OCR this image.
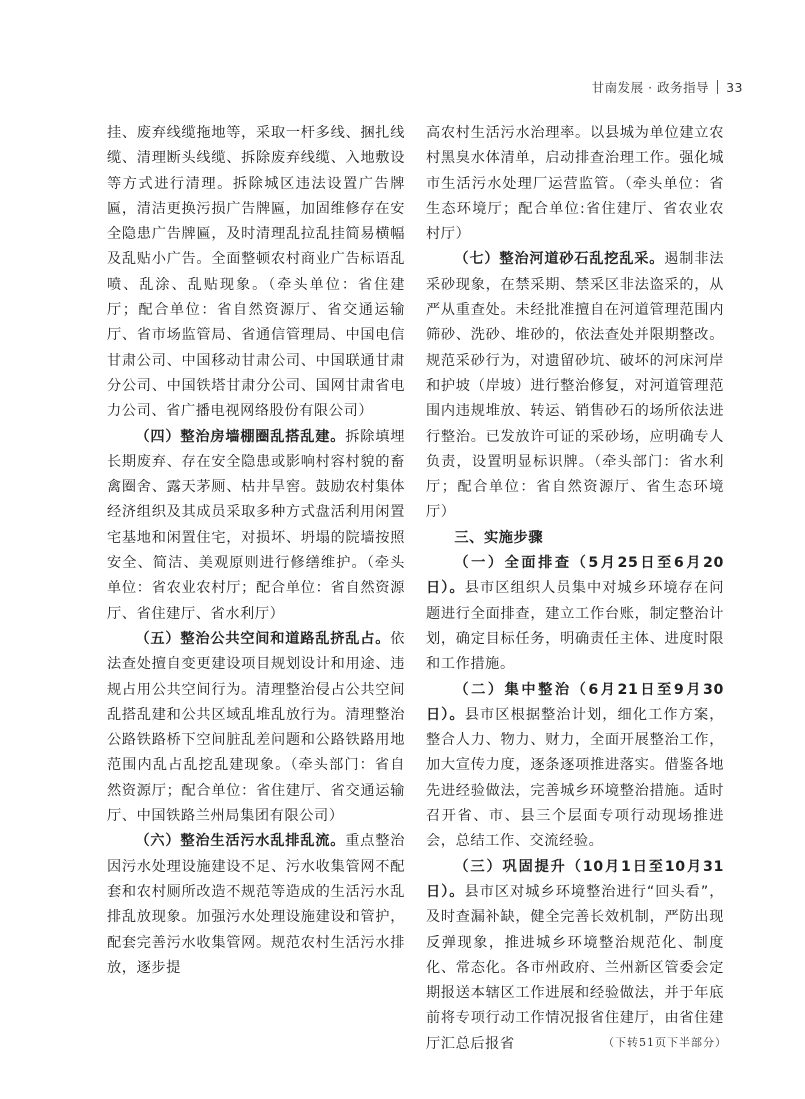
甘南发展 · 政务指导 33

挂、废弃线缆拖地等，采取一杆多线、捆扎线缆、清理断头线缆、拆除废弃线缆、入地敷设等方式进行清理。拆除城区违法设置广告牌匾，清洁更换污损广告牌匾，加固维修存在安全隐患广告牌匾，及时清理乱拉乱挂简易横幅及乱贴小广告。全面整顿农村商业广告标语乱喷、乱涂、乱贴现象。（牵头单位：省住建厅；配合单位：省自然资源厅、省交通运输厅、省市场监管局、省通信管理局、中国电信甘肃公司、中国移动甘肃公司、中国联通甘肃分公司、中国铁塔甘肃分公司、国网甘肃省电力公司、省广播电视网络股份有限公司）

（四）整治房墙棚圈乱搭乱建。拆除填埋长期废弃、存在安全隐患或影响村容村貌的畜禽圈舍、露天茅厕、枯井旱窖。鼓励农村集体经济组织及其成员采取多种方式盘活利用闲置宅基地和闲置住宅，对损坏、坍塌的院墙按照安全、简洁、美观原则进行修缮维护。（牵头单位：省农业农村厅；配合单位：省自然资源厅、省住建厅、省水利厅）

（五）整治公共空间和道路乱挤乱占。依法查处擅自变更建设项目规划设计和用途、违规占用公共空间行为。清理整治侵占公共空间乱搭乱建和公共区域乱堆乱放行为。清理整治公路铁路桥下空间脏乱差问题和公路铁路用地范围内乱占乱挖乱建现象。（牵头部门：省自然资源厅；配合单位：省住建厅、省交通运输厅、中国铁路兰州局集团有限公司）

（六）整治生活污水乱排乱流。重点整治因污水处理设施建设不足、污水收集管网不配套和农村厕所改造不规范等造成的生活污水乱排乱放现象。加强污水处理设施建设和管护，配套完善污水收集管网。规范农村生活污水排放，逐步提

高农村生活污水治理率。以县城为单位建立农村黑臭水体清单，启动排查治理工作。强化城市生活污水处理厂运营监管。（牵头单位：省生态环境厅；配合单位:省住建厅、省农业农村厅）

（七）整治河道砂石乱挖乱采。遏制非法采砂现象，在禁采期、禁采区非法盗采的，从严从重查处。未经批准擅自在河道管理范围内筛砂、洗砂、堆砂的，依法查处并限期整改。规范采砂行为，对遗留砂坑、破坏的河床河岸和护坡（岸坡）进行整治修复，对河道管理范围内违规堆放、转运、销售砂石的场所依法进行整治。已发放许可证的采砂场，应明确专人负责，设置明显标识牌。（牵头部门：省水利厅；配合单位：省自然资源厅、省生态环境厅）

三、实施步骤

（一）全面排查（5月25日至6月20日）。县市区组织人员集中对城乡环境存在问题进行全面排查，建立工作台账，制定整治计划，确定目标任务，明确责任主体、进度时限和工作措施。

（二）集中整治（6月21日至9月30日）。县市区根据整治计划，细化工作方案，整合人力、物力、财力，全面开展整治工作，加大宣传力度，逐条逐项推进落实。借鉴各地先进经验做法，完善城乡环境整治措施。适时召开省、市、县三个层面专项行动现场推进会，总结工作、交流经验。

（三）巩固提升（10月1日至10月31日）。县市区对城乡环境整治进行“回头看”，及时查漏补缺，健全完善长效机制，严防出现反弹现象，推进城乡环境整治规范化、制度化、常态化。各市州政府、兰州新区管委会定期报送本辖区工作进展和经验做法，并于年底前将专项行动工作情况报省住建厅，由省住建厅汇总后报省	（下转51页下半部分）
